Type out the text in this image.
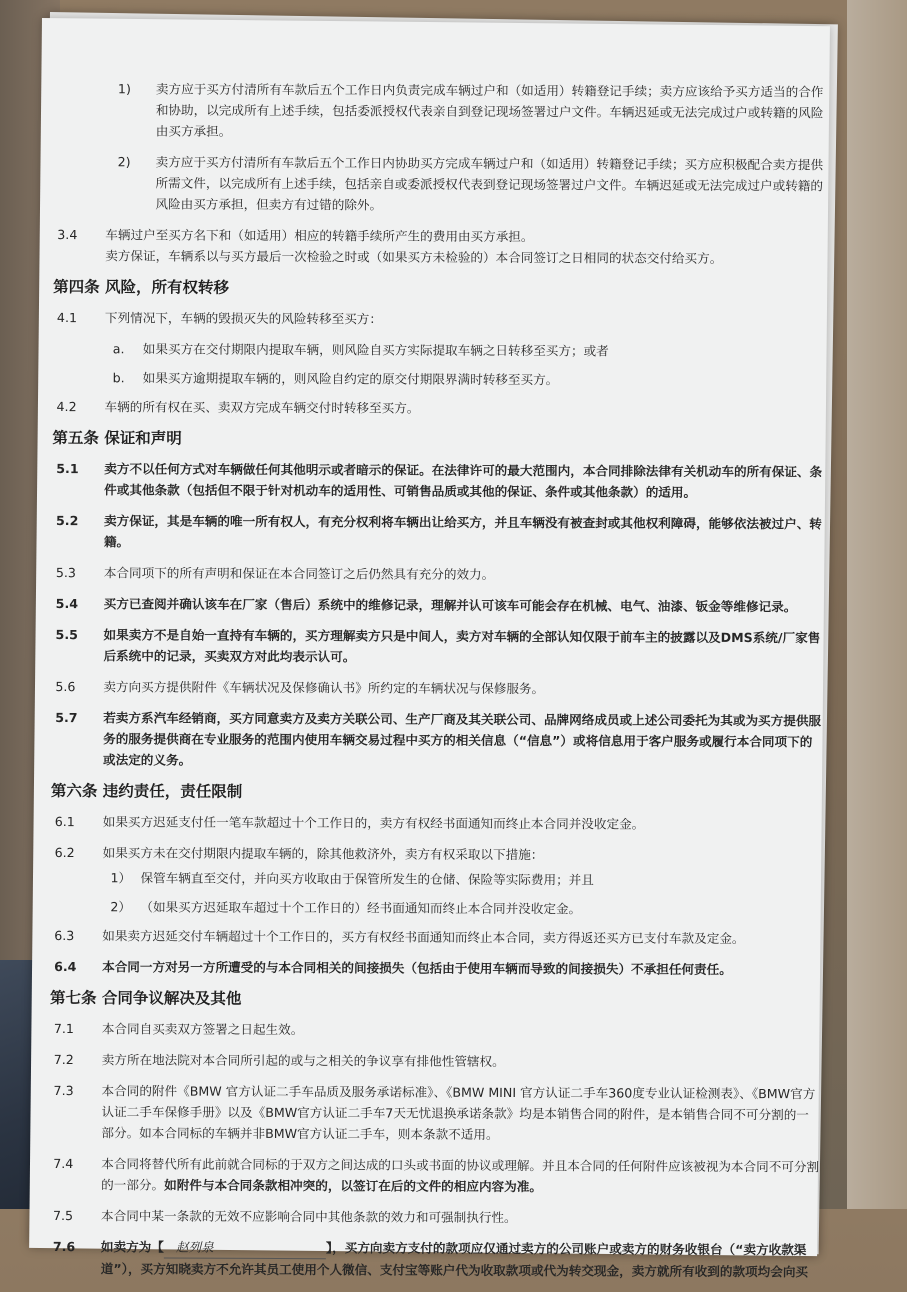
1)	卖方应于买方付清所有车款后五个工作日内负责完成车辆过户和（如适用）转籍登记手续；卖方应该给予买方适当的合作和协助，以完成所有上述手续，包括委派授权代表亲自到登记现场签署过户文件。车辆迟延或无法完成过户或转籍的风险由买方承担。
2)	卖方应于买方付清所有车款后五个工作日内协助买方完成车辆过户和（如适用）转籍登记手续；买方应积极配合卖方提供所需文件，以完成所有上述手续，包括亲自或委派授权代表到登记现场签署过户文件。车辆迟延或无法完成过户或转籍的风险由买方承担，但卖方有过错的除外。
3.4	车辆过户至买方名下和（如适用）相应的转籍手续所产生的费用由买方承担。
卖方保证，车辆系以与买方最后一次检验之时或（如果买方未检验的）本合同签订之日相同的状态交付给买方。
第四条 风险，所有权转移
4.1	下列情况下，车辆的毁损灭失的风险转移至买方：
a.	如果买方在交付期限内提取车辆，则风险自买方实际提取车辆之日转移至买方；或者
b.	如果买方逾期提取车辆的，则风险自约定的原交付期限界满时转移至买方。
4.2	车辆的所有权在买、卖双方完成车辆交付时转移至买方。
第五条 保证和声明
5.1	卖方不以任何方式对车辆做任何其他明示或者暗示的保证。在法律许可的最大范围内，本合同排除法律有关机动车的所有保证、条件或其他条款（包括但不限于针对机动车的适用性、可销售品质或其他的保证、条件或其他条款）的适用。
5.2	卖方保证，其是车辆的唯一所有权人，有充分权利将车辆出让给买方，并且车辆没有被查封或其他权利障碍，能够依法被过户、转籍。
5.3	本合同项下的所有声明和保证在本合同签订之后仍然具有充分的效力。
5.4	买方已查阅并确认该车在厂家（售后）系统中的维修记录，理解并认可该车可能会存在机械、电气、油漆、钣金等维修记录。
5.5	如果卖方不是自始一直持有车辆的，买方理解卖方只是中间人，卖方对车辆的全部认知仅限于前车主的披露以及DMS系统/厂家售后系统中的记录，买卖双方对此均表示认可。
5.6	卖方向买方提供附件《车辆状况及保修确认书》所约定的车辆状况与保修服务。
5.7	若卖方系汽车经销商，买方同意卖方及卖方关联公司、生产厂商及其关联公司、品牌网络成员或上述公司委托为其或为买方提供服务的服务提供商在专业服务的范围内使用车辆交易过程中买方的相关信息（“信息”）或将信息用于客户服务或履行本合同项下的或法定的义务。
第六条 违约责任，责任限制
6.1	如果买方迟延支付任一笔车款超过十个工作日的，卖方有权经书面通知而终止本合同并没收定金。
6.2	如果买方未在交付期限内提取车辆的，除其他救济外，卖方有权采取以下措施：
1） 保管车辆直至交付，并向买方收取由于保管所发生的仓储、保险等实际费用；并且
2） （如果买方迟延取车超过十个工作日的）经书面通知而终止本合同并没收定金。
6.3	如果卖方迟延交付车辆超过十个工作日的，买方有权经书面通知而终止本合同，卖方得返还买方已支付车款及定金。
6.4	本合同一方对另一方所遭受的与本合同相关的间接损失（包括由于使用车辆而导致的间接损失）不承担任何责任。
第七条 合同争议解决及其他
7.1	本合同自买卖双方签署之日起生效。
7.2	卖方所在地法院对本合同所引起的或与之相关的争议享有排他性管辖权。
7.3	本合同的附件《BMW 官方认证二手车品质及服务承诺标准》、《BMW MINI 官方认证二手车360度专业认证检测表》、《BMW官方认证二手车保修手册》以及《BMW官方认证二手车7天无忧退换承诺条款》均是本销售合同的附件，是本销售合同不可分割的一部分。如本合同标的车辆并非BMW官方认证二手车，则本条款不适用。
7.4	本合同将替代所有此前就合同标的于双方之间达成的口头或书面的协议或理解。并且本合同的任何附件应该被视为本合同不可分割的一部分。如附件与本合同条款相冲突的，以签订在后的文件的相应内容为准。
7.5	本合同中某一条款的无效不应影响合同中其他条款的效力和可强制执行性。
7.6	如卖方为【 赵列泉	】，买方向卖方支付的款项应仅通过卖方的公司账户或卖方的财务收银台（“卖方收款渠道”），买方知晓卖方不允许其员工使用个人微信、支付宝等账户代为收取款项或代为转交现金，卖方就所有收到的款项均会向买
